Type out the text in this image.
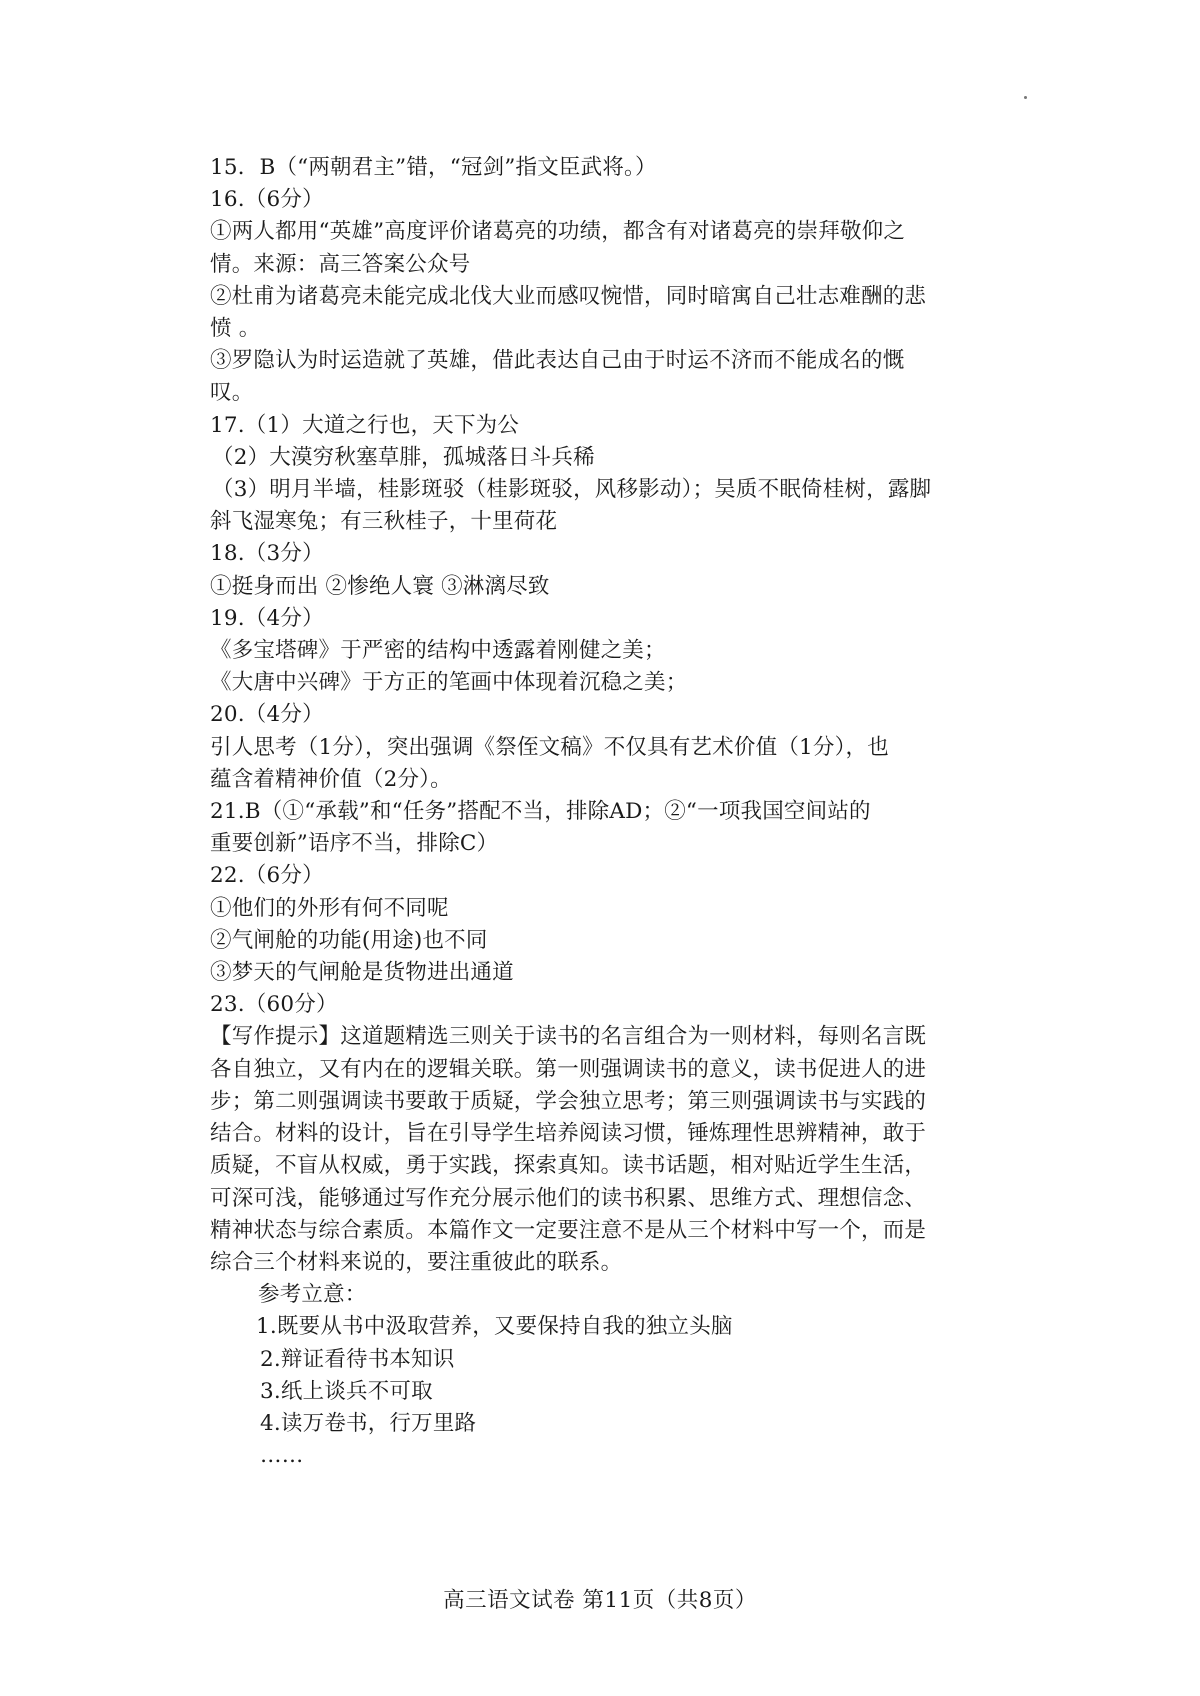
15．B（“两朝君主”错，“冠剑”指文臣武将。）
16.（6分）
①两人都用“英雄”高度评价诸葛亮的功绩，都含有对诸葛亮的崇拜敬仰之
情。来源：高三答案公众号
②杜甫为诸葛亮未能完成北伐大业而感叹惋惜，同时暗寓自己壮志难酬的悲
愤 。
③罗隐认为时运造就了英雄，借此表达自己由于时运不济而不能成名的慨
叹。
17.（1）大道之行也，天下为公
（2）大漠穷秋塞草腓，孤城落日斗兵稀
（3）明月半墙，桂影斑驳（桂影斑驳，风移影动）；吴质不眠倚桂树，露脚
斜飞湿寒兔；有三秋桂子，十里荷花
18.（3分）
①挺身而出 ②惨绝人寰 ③淋漓尽致
19.（4分）
《多宝塔碑》于严密的结构中透露着刚健之美；
《大唐中兴碑》于方正的笔画中体现着沉稳之美；
20.（4分）
引人思考（1分），突出强调《祭侄文稿》不仅具有艺术价值（1分），也
蕴含着精神价值（2分）。
21.B（①“承载”和“任务”搭配不当，排除AD；②“一项我国空间站的
重要创新”语序不当，排除C）
22.（6分）
①他们的外形有何不同呢
②气闸舱的功能(用途)也不同
③梦天的气闸舱是货物进出通道
23.（60分）
【写作提示】这道题精选三则关于读书的名言组合为一则材料，每则名言既
各自独立，又有内在的逻辑关联。第一则强调读书的意义，读书促进人的进
步；第二则强调读书要敢于质疑，学会独立思考；第三则强调读书与实践的
结合。材料的设计，旨在引导学生培养阅读习惯，锤炼理性思辨精神，敢于
质疑，不盲从权威，勇于实践，探索真知。读书话题，相对贴近学生生活，
可深可浅，能够通过写作充分展示他们的读书积累、思维方式、理想信念、
精神状态与综合素质。本篇作文一定要注意不是从三个材料中写一个，而是
综合三个材料来说的，要注重彼此的联系。
参考立意：
1.既要从书中汲取营养，又要保持自我的独立头脑
2.辩证看待书本知识
3.纸上谈兵不可取
4.读万卷书，行万里路
……
高三语文试卷 第11页（共8页）
